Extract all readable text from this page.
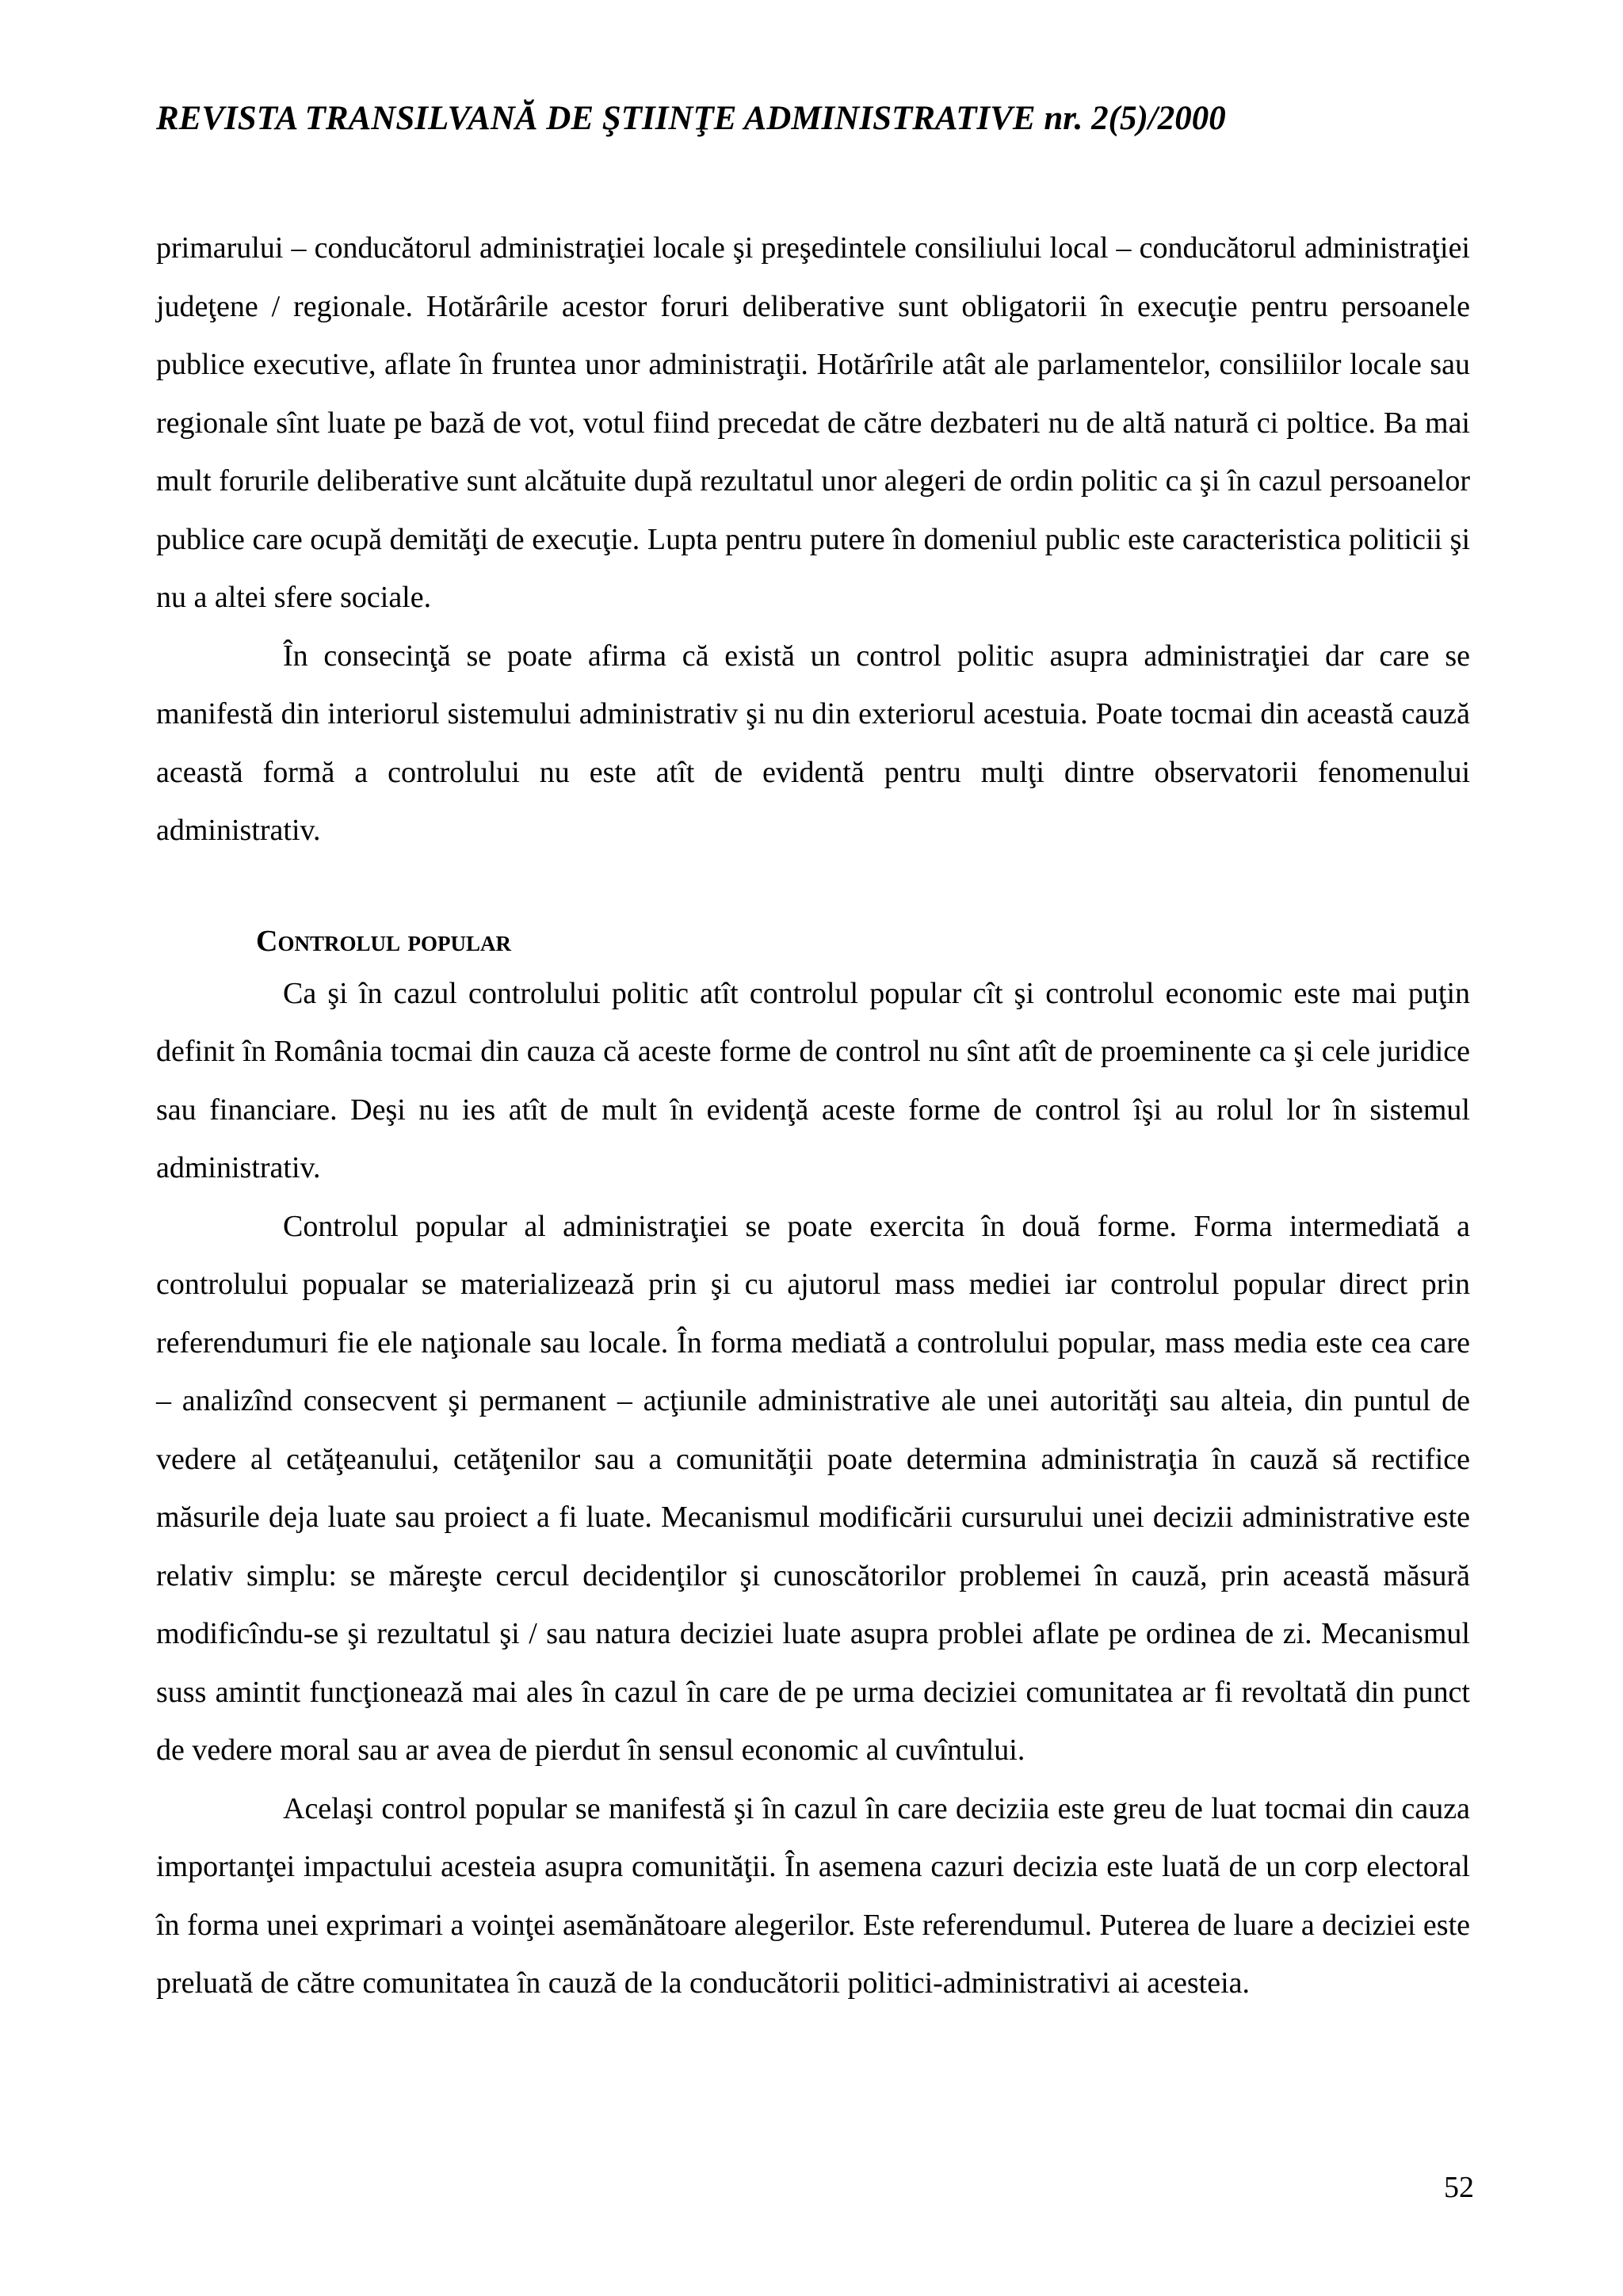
REVISTA TRANSILVANĂ DE ŞTIINŢE ADMINISTRATIVE nr. 2(5)/2000

primarului – conducătorul administraţiei locale şi preşedintele consiliului local – conducătorul administraţiei judeţene / regionale. Hotărârile acestor foruri deliberative sunt obligatorii în execuţie pentru persoanele publice executive, aflate în fruntea unor administraţii. Hotărîrile atât ale parlamentelor, consiliilor locale sau regionale sînt luate pe bază de vot, votul fiind precedat de către dezbateri nu de altă natură ci poltice. Ba mai mult forurile deliberative sunt alcătuite după rezultatul unor alegeri de ordin politic ca şi în cazul persoanelor publice care ocupă demităţi de execuţie. Lupta pentru putere în domeniul public este caracteristica politicii şi nu a altei sfere sociale.

În consecinţă se poate afirma că există un control politic asupra administraţiei dar care se manifestă din interiorul sistemului administrativ şi nu din exteriorul acestuia. Poate tocmai din această cauză această formă a controlului nu este atît de evidentă pentru mulţi dintre observatorii fenomenului administrativ.

Controlul popular

Ca şi în cazul controlului politic atît controlul popular cît şi controlul economic este mai puţin definit în România tocmai din cauza că aceste forme de control nu sînt atît de proeminente ca şi cele juridice sau financiare. Deşi nu ies atît de mult în evidenţă aceste forme de control îşi au rolul lor în sistemul administrativ.

Controlul popular al administraţiei se poate exercita în două forme. Forma intermediată a controlului popualar se materializează prin şi cu ajutorul mass mediei iar controlul popular direct prin referendumuri fie ele naţionale sau locale. În forma mediată a controlului popular, mass media este cea care – analizînd consecvent şi permanent – acţiunile administrative ale unei autorităţi sau alteia, din puntul de vedere al cetăţeanului, cetăţenilor sau a comunităţii poate determina administraţia în cauză să rectifice măsurile deja luate sau proiect a fi luate. Mecanismul modificării cursurului unei decizii administrative este relativ simplu: se măreşte cercul decidenţilor şi cunoscătorilor problemei în cauză, prin această măsură modificîndu-se şi rezultatul şi / sau natura deciziei luate asupra problei aflate pe ordinea de zi. Mecanismul suss amintit funcţionează mai ales în cazul în care de pe urma deciziei comunitatea ar fi revoltată din punct de vedere moral sau ar avea de pierdut în sensul economic al cuvîntului.

Acelaşi control popular se manifestă şi în cazul în care deciziia este greu de luat tocmai din cauza importanţei impactului acesteia asupra comunităţii. În asemena cazuri decizia este luată de un corp electoral în forma unei exprimari a voinţei asemănătoare alegerilor. Este referendumul. Puterea de luare a deciziei este preluată de către comunitatea în cauză de la conducătorii politici-administrativi ai acesteia.

52
